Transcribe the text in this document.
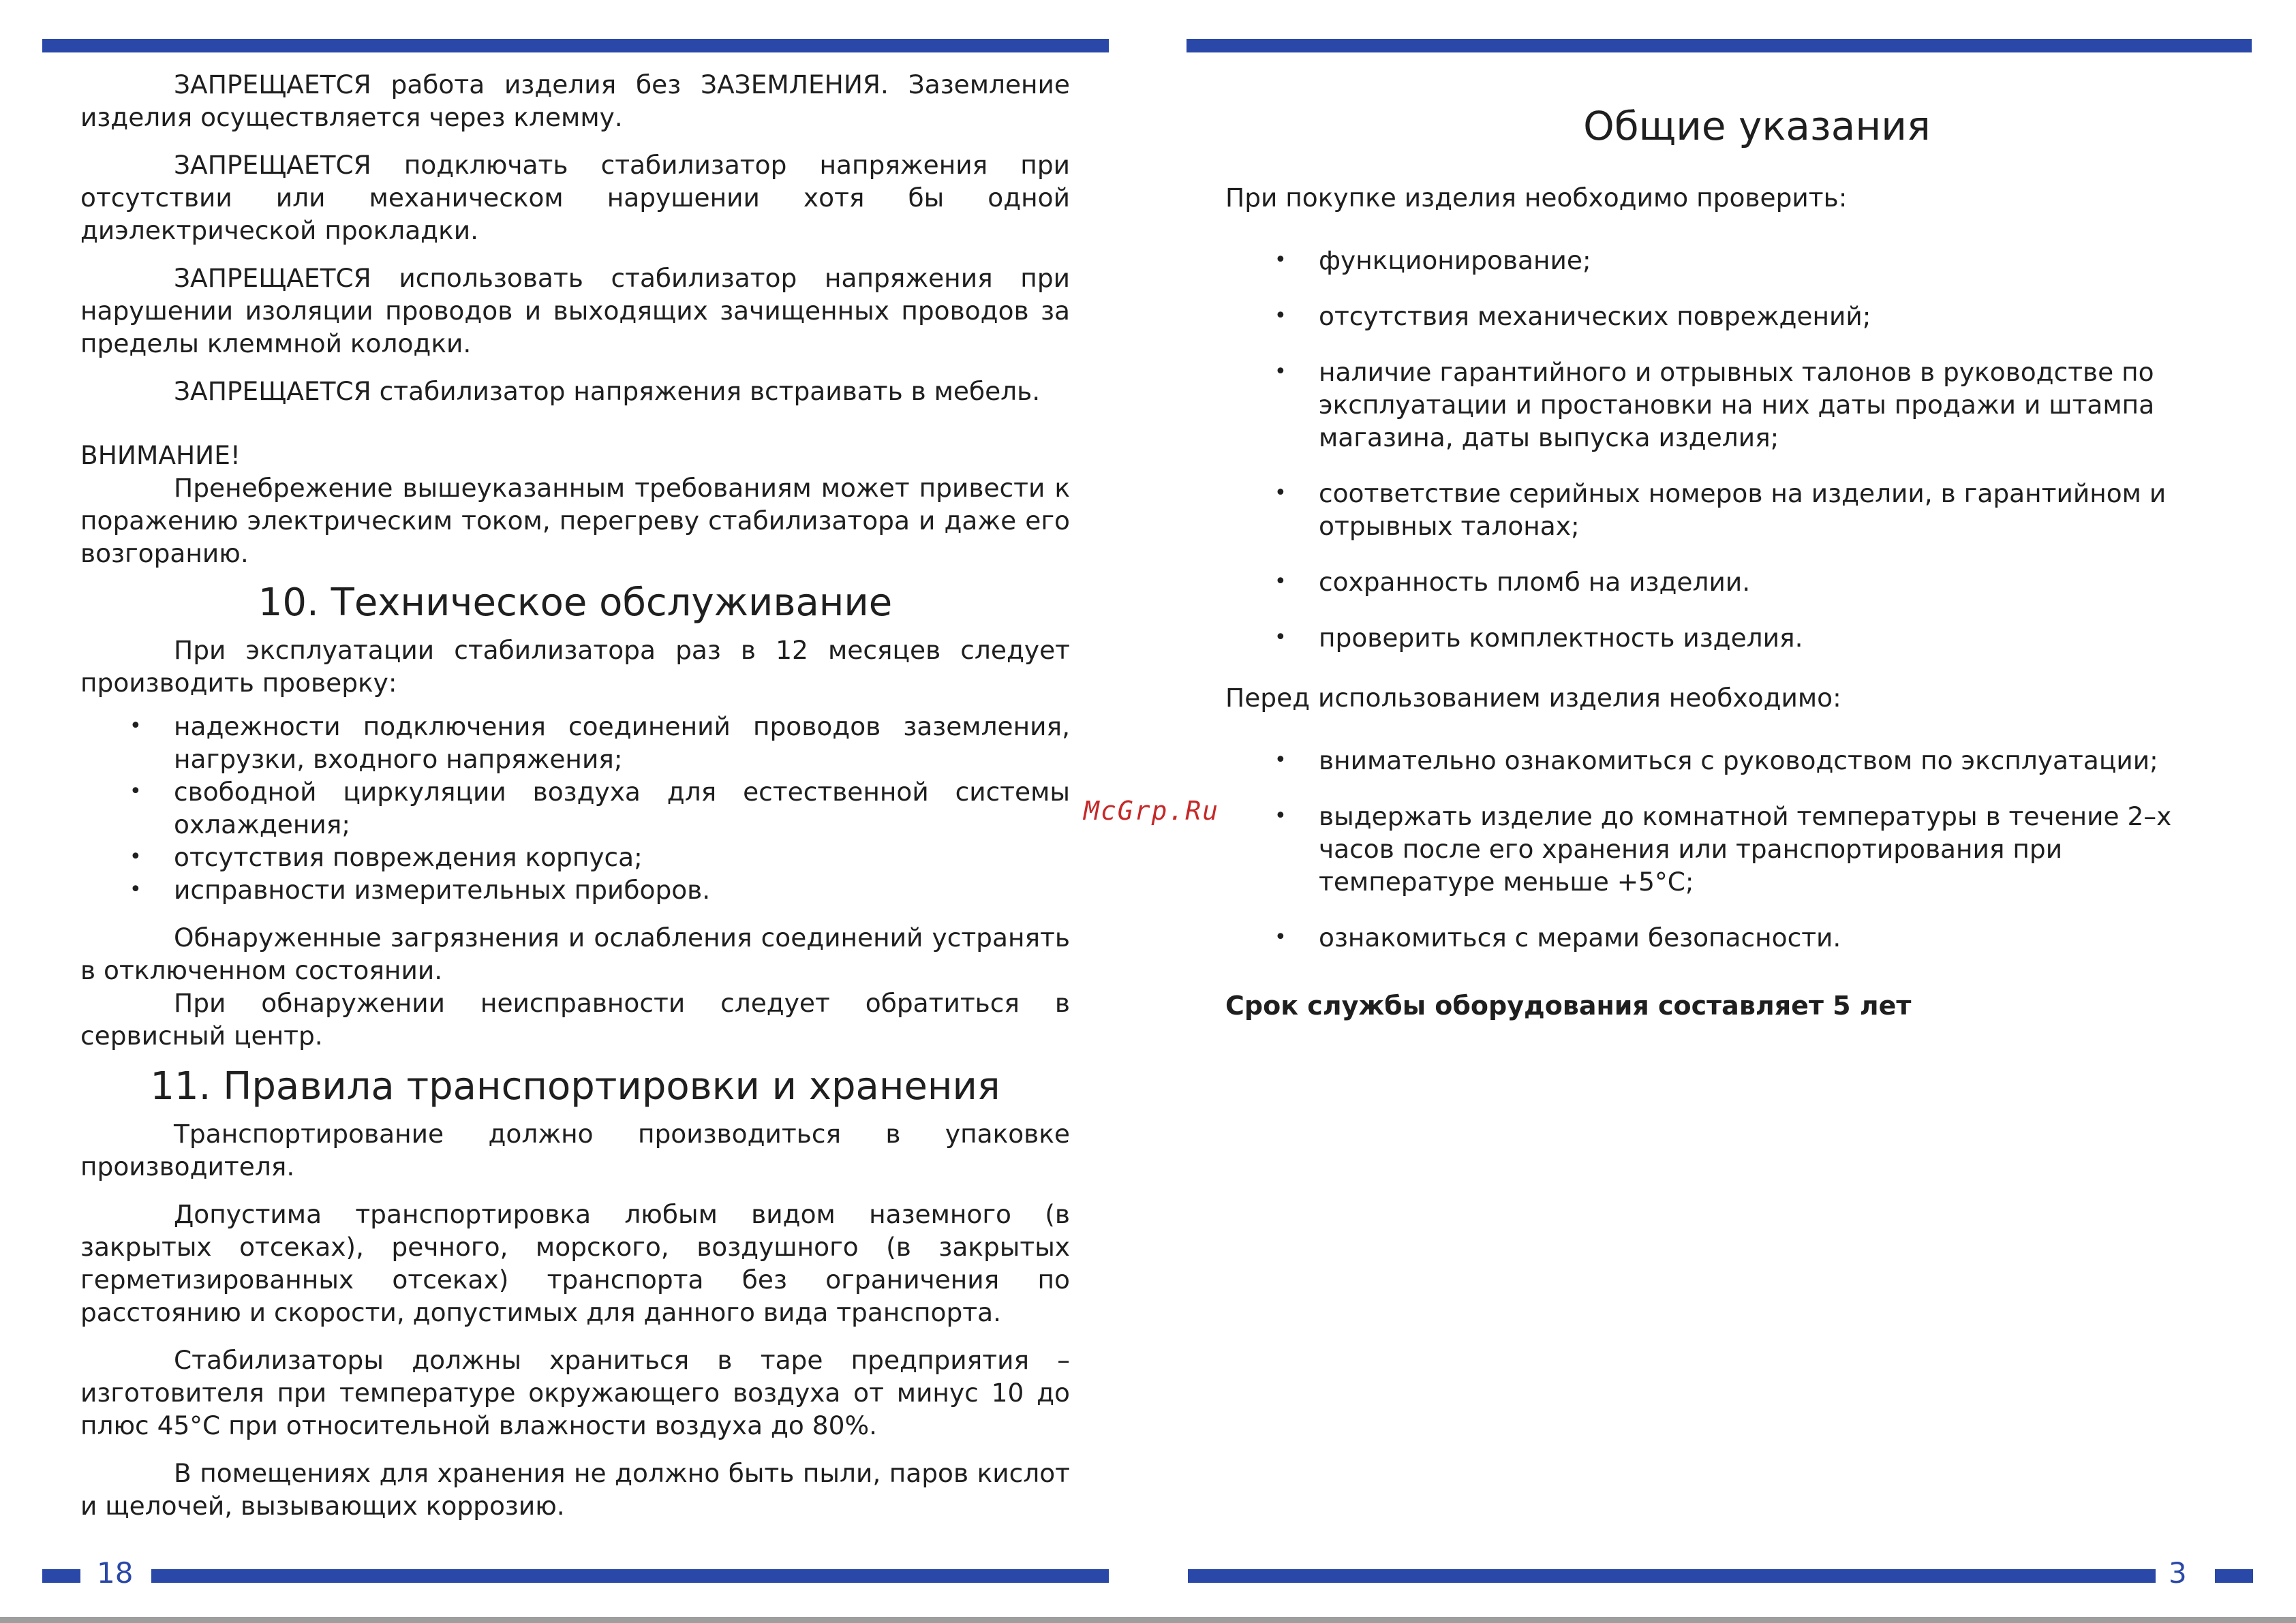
ЗАПРЕЩАЕТСЯ работа изделия без ЗАЗЕМЛЕНИЯ. Заземление изделия осуществляется через клемму.

ЗАПРЕЩАЕТСЯ подключать стабилизатор напряжения при отсутствии или механическом нарушении хотя бы одной диэлектрической прокладки.

ЗАПРЕЩАЕТСЯ использовать стабилизатор напряжения при нарушении изоляции проводов и выходящих зачищенных проводов за пределы клеммной колодки.

ЗАПРЕЩАЕТСЯ стабилизатор напряжения встраивать в мебель.

ВНИМАНИЕ!

Пренебрежение вышеуказанным требованиям может привести к поражению электрическим током, перегреву стабилизатора и даже его возгоранию.

10. Техническое обслуживание

При эксплуатации стабилизатора раз в 12 месяцев следует производить проверку:

• надежности подключения соединений проводов заземления, нагрузки, входного напряжения;
• свободной циркуляции воздуха для естественной системы охлаждения;
• отсутствия повреждения корпуса;
• исправности измерительных приборов.

Обнаруженные загрязнения и ослабления соединений устранять в отключенном состоянии.

При обнаружении неисправности следует обратиться в сервисный центр.

11. Правила транспортировки и хранения

Транспортирование должно производиться в упаковке производителя.

Допустима транспортировка любым видом наземного (в закрытых отсеках), речного, морского, воздушного (в закрытых герметизированных отсеках) транспорта без ограничения по расстоянию и скорости, допустимых для данного вида транспорта.

Стабилизаторы должны храниться в таре предприятия – изготовителя при температуре окружающего воздуха от минус 10 до плюс 45°С при относительной влажности воздуха до 80%.

В помещениях для хранения не должно быть пыли, паров кислот и щелочей, вызывающих коррозию.

McGrp.Ru

Общие указания

При покупке изделия необходимо проверить:

• функционирование;
• отсутствия механических повреждений;
• наличие гарантийного и отрывных талонов в руководстве по эксплуатации и простановки на них даты продажи и штампа магазина, даты выпуска изделия;
• соответствие серийных номеров на изделии, в гарантийном и отрывных талонах;
• сохранность пломб на изделии.
• проверить комплектность изделия.

Перед использованием изделия необходимо:

• внимательно ознакомиться с руководством по эксплуатации;
• выдержать изделие до комнатной температуры в течение 2–х часов после его хранения или транспортирования при температуре меньше +5°С;
• ознакомиться с мерами безопасности.

Срок службы оборудования составляет 5 лет

18	3
